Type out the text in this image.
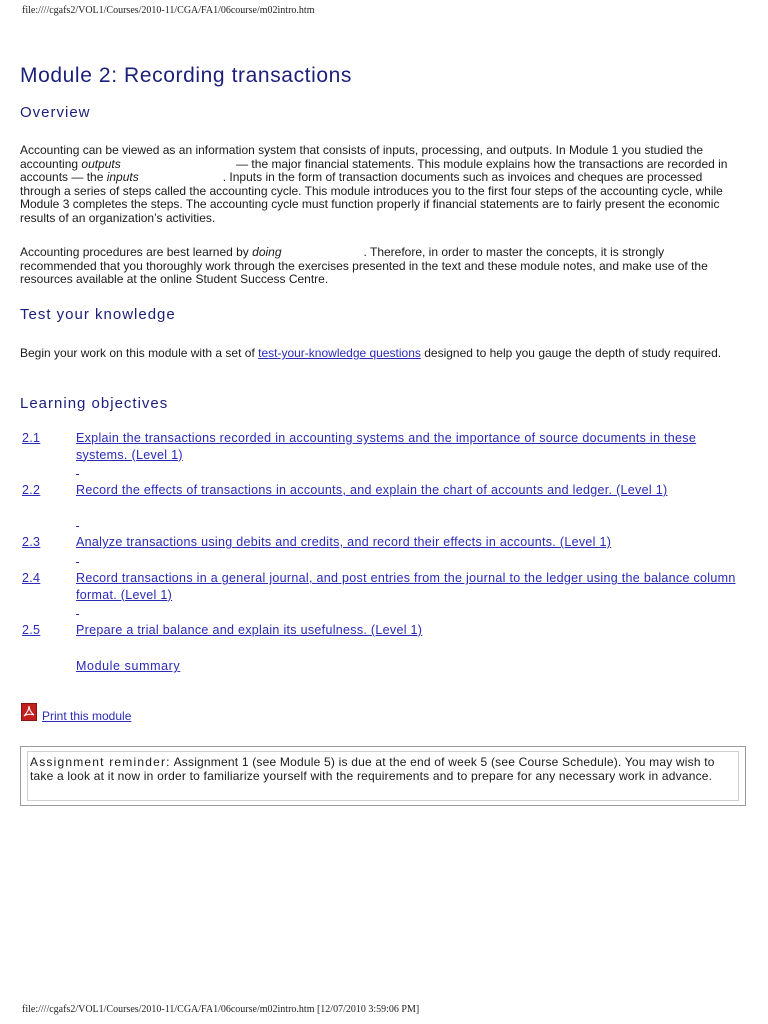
file:////cgafs2/VOL1/Courses/2010-11/CGA/FA1/06course/m02intro.htm
Module 2: Recording transactions
Overview

Accounting can be viewed as an information system that consists of inputs, processing, and outputs. In Module 1 you studied the accounting outputs	— the major financial statements. This module explains how the transactions are recorded in accounts — the inputs	. Inputs in the form of transaction documents such as invoices and cheques are processed through a series of steps called the accounting cycle. This module introduces you to the first four steps of the accounting cycle, while Module 3 completes the steps. The accounting cycle must function properly if financial statements are to fairly present the economic results of an organization’s activities.

Accounting procedures are best learned by doing	. Therefore, in order to master the concepts, it is strongly recommended that you thoroughly work through the exercises presented in the text and these module notes, and make use of the resources available at the online Student Success Centre.

Test your knowledge

Begin your work on this module with a set of test-your-knowledge questions designed to help you gauge the depth of study required.

Learning objectives
2.1	Explain the transactions recorded in accounting systems and the importance of source documents in these systems. (Level 1)

2.2	Record the effects of transactions in accounts, and explain the chart of accounts and ledger. (Level 1)

2.3	Analyze transactions using debits and credits, and record their effects in accounts. (Level 1)

2.4	Record transactions in a general journal, and post entries from the journal to the ledger using the balance column format. (Level 1)

2.5	Prepare a trial balance and explain its usefulness. (Level 1)
Module summary
Print this module

Assignment reminder: Assignment 1 (see Module 5) is due at the end of week 5 (see Course Schedule). You may wish to take a look at it now in order to familiarize yourself with the requirements and to prepare for any necessary work in advance.

file:////cgafs2/VOL1/Courses/2010-11/CGA/FA1/06course/m02intro.htm [12/07/2010 3:59:06 PM]
